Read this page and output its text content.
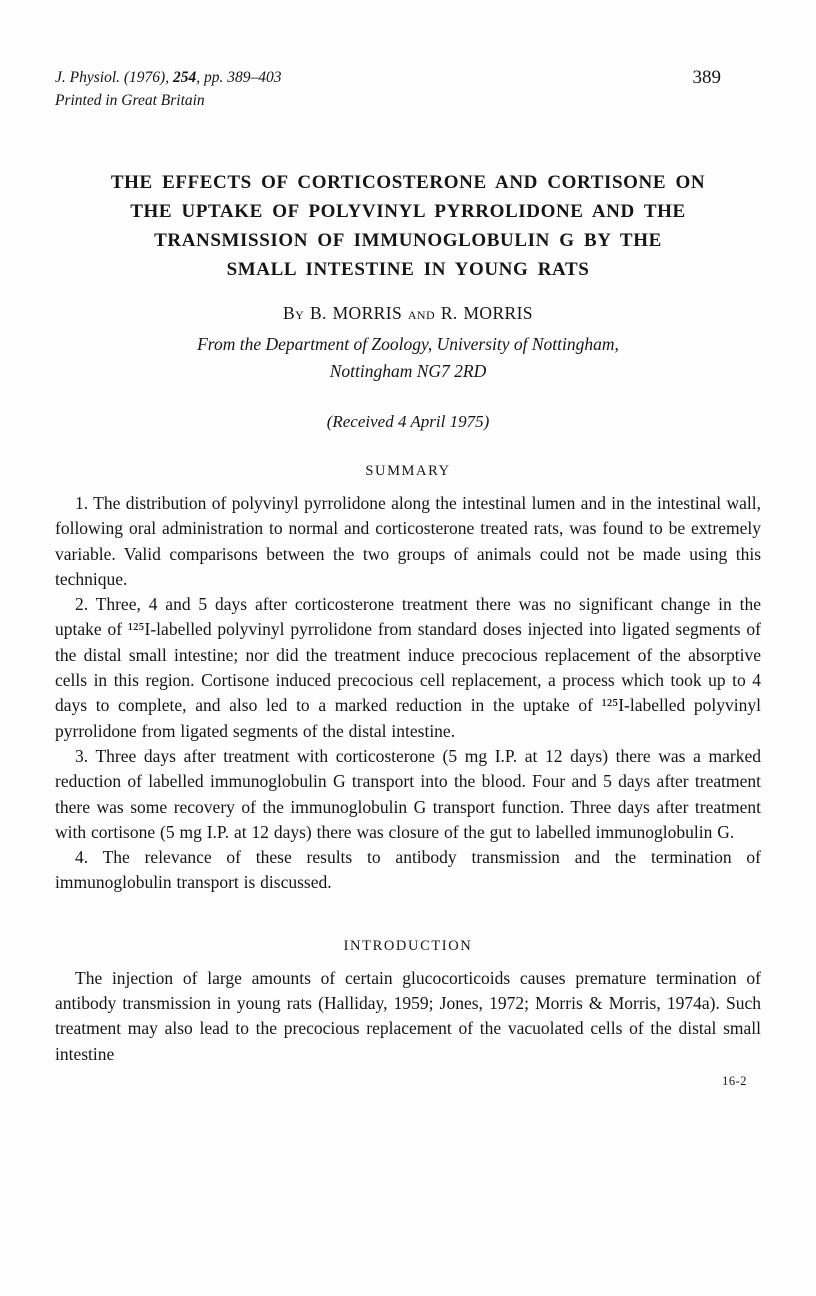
J. Physiol. (1976), 254, pp. 389–403
Printed in Great Britain
389
THE EFFECTS OF CORTICOSTERONE AND CORTISONE ON
THE UPTAKE OF POLYVINYL PYRROLIDONE AND THE
TRANSMISSION OF IMMUNOGLOBULIN G BY THE
SMALL INTESTINE IN YOUNG RATS
By B. MORRIS and R. MORRIS
From the Department of Zoology, University of Nottingham,
Nottingham NG7 2RD
(Received 4 April 1975)
SUMMARY

1. The distribution of polyvinyl pyrrolidone along the intestinal lumen and in the intestinal wall, following oral administration to normal and corticosterone treated rats, was found to be extremely variable. Valid comparisons between the two groups of animals could not be made using this technique.

2. Three, 4 and 5 days after corticosterone treatment there was no significant change in the uptake of ¹²⁵I-labelled polyvinyl pyrrolidone from standard doses injected into ligated segments of the distal small intestine; nor did the treatment induce precocious replacement of the absorptive cells in this region. Cortisone induced precocious cell replacement, a process which took up to 4 days to complete, and also led to a marked reduction in the uptake of ¹²⁵I-labelled polyvinyl pyrrolidone from ligated segments of the distal intestine.

3. Three days after treatment with corticosterone (5 mg I.P. at 12 days) there was a marked reduction of labelled immunoglobulin G transport into the blood. Four and 5 days after treatment there was some recovery of the immunoglobulin G transport function. Three days after treatment with cortisone (5 mg I.P. at 12 days) there was closure of the gut to labelled immunoglobulin G.

4. The relevance of these results to antibody transmission and the termination of immunoglobulin transport is discussed.

INTRODUCTION

The injection of large amounts of certain glucocorticoids causes premature termination of antibody transmission in young rats (Halliday, 1959; Jones, 1972; Morris & Morris, 1974a). Such treatment may also lead to the precocious replacement of the vacuolated cells of the distal small intestine

16-2
